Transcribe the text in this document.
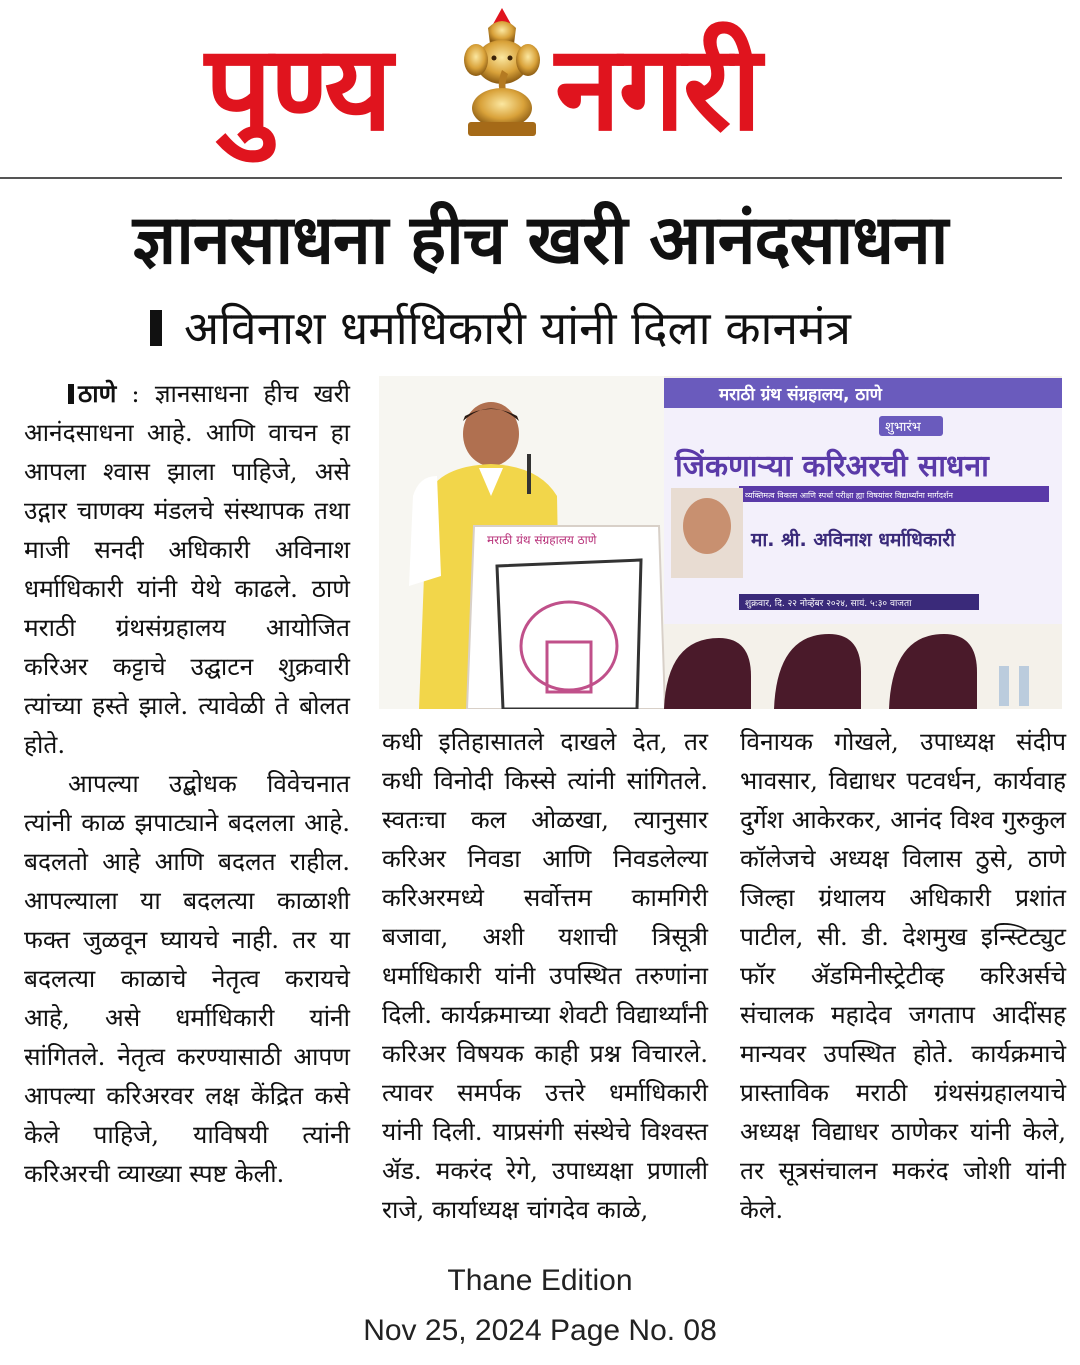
पुण्य नगरी
ज्ञानसाधना हीच खरी आनंदसाधना
अविनाश धर्माधिकारी यांनी दिला कानमंत्र

ठाणे : ज्ञानसाधना हीच खरी आनंदसाधना आहे. आणि वाचन हा आपला श्वास झाला पाहिजे, असे उद्गार चाणक्य मंडलचे संस्थापक तथा माजी सनदी अधिकारी अविनाश धर्माधिकारी यांनी येथे काढले. ठाणे मराठी ग्रंथसंग्रहालय आयोजित करिअर कट्टाचे उद्घाटन शुक्रवारी त्यांच्या हस्ते झाले. त्यावेळी ते बोलत होते.

आपल्या उद्बोधक विवेचनात त्यांनी काळ झपाट्याने बदलला आहे. बदलतो आहे आणि बदलत राहील. आपल्याला या बदलत्या काळाशी फक्त जुळवून घ्यायचे नाही. तर या बदलत्या काळाचे नेतृत्व करायचे आहे, असे धर्माधिकारी यांनी सांगितले. नेतृत्व करण्यासाठी आपण आपल्या करिअरवर लक्ष केंद्रित कसे केले पाहिजे, याविषयी त्यांनी करिअरची व्याख्या स्पष्ट केली.

मराठी ग्रंथ संग्रहालय ठाणे
मराठी ग्रंथ संग्रहालय, ठाणे
शुभारंभ
जिंकणाऱ्या करिअरची साधना
व्यक्तिमत्व विकास आणि स्पर्धा परीक्षा ह्या विषयांवर विद्यार्थ्यांना मार्गदर्शन
मा. श्री. अविनाश धर्माधिकारी
शुक्रवार, दि. २२ नोव्हेंबर २०२४, सायं. ५:३० वाजता

कधी इतिहासातले दाखले देत, तर कधी विनोदी किस्से त्यांनी सांगितले. स्वतःचा कल ओळखा, त्यानुसार करिअर निवडा आणि निवडलेल्या करिअरमध्ये सर्वोत्तम कामगिरी बजावा, अशी यशाची त्रिसूत्री धर्माधिकारी यांनी उपस्थित तरुणांना दिली. कार्यक्रमाच्या शेवटी विद्यार्थ्यांनी करिअर विषयक काही प्रश्न विचारले. त्यावर समर्पक उत्तरे धर्माधिकारी यांनी दिली. याप्रसंगी संस्थेचे विश्वस्त ॲड. मकरंद रेगे, उपाध्यक्षा प्रणाली राजे, कार्याध्यक्ष चांगदेव काळे,

विनायक गोखले, उपाध्यक्ष संदीप भावसार, विद्याधर पटवर्धन, कार्यवाह दुर्गेश आकेरकर, आनंद विश्व गुरुकुल कॉलेजचे अध्यक्ष विलास ठुसे, ठाणे जिल्हा ग्रंथालय अधिकारी प्रशांत पाटील, सी. डी. देशमुख इन्स्टिट्युट फॉर ॲडमिनीस्ट्रेटीव्ह करिअर्सचे संचालक महादेव जगताप आदींसह मान्यवर उपस्थित होते. कार्यक्रमाचे प्रास्ताविक मराठी ग्रंथसंग्रहालयाचे अध्यक्ष विद्याधर ठाणेकर यांनी केले, तर सूत्रसंचालन मकरंद जोशी यांनी केले.

Thane Edition
Nov 25, 2024 Page No. 08
